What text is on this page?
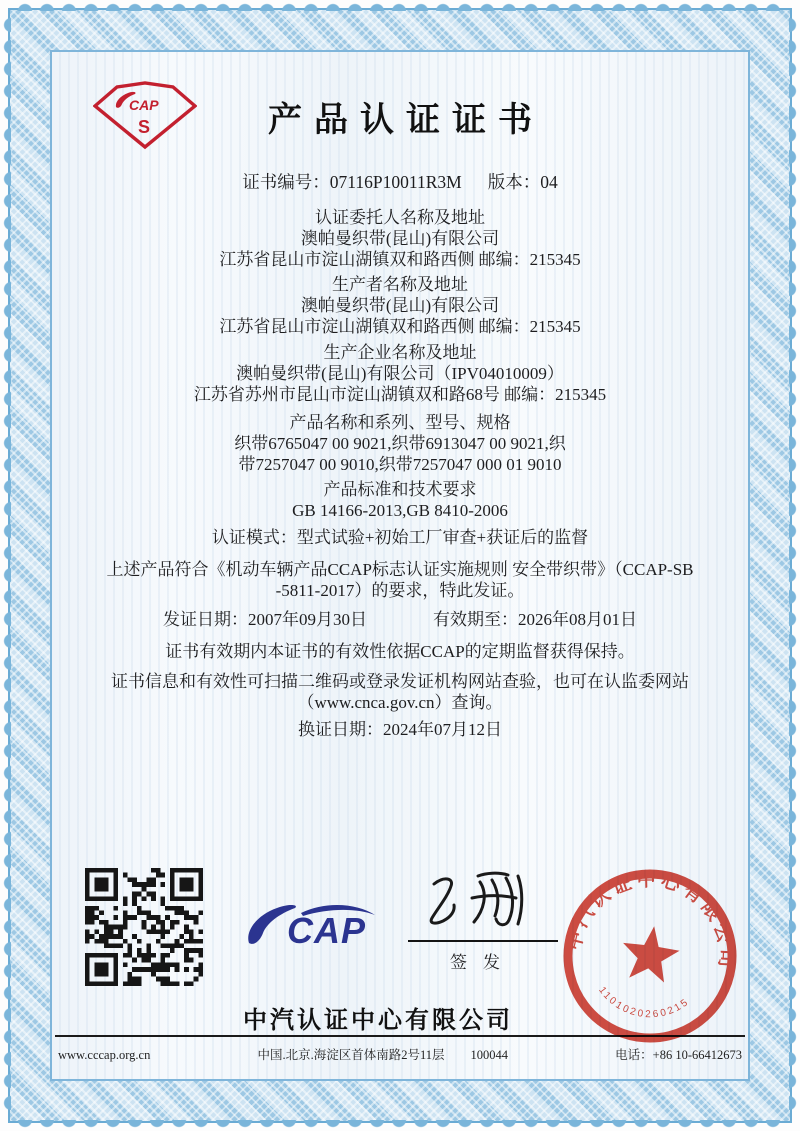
CAP
S	产品认证证书
证书编号：07116P10011R3M 版本：04
认证委托人名称及地址
澳帕曼织带(昆山)有限公司
江苏省昆山市淀山湖镇双和路西侧 邮编：215345
生产者名称及地址
澳帕曼织带(昆山)有限公司
江苏省昆山市淀山湖镇双和路西侧 邮编：215345
生产企业名称及地址
澳帕曼织带(昆山)有限公司（IPV04010009）
江苏省苏州市昆山市淀山湖镇双和路68号 邮编：215345
产品名称和系列、型号、规格
织带6765047 00 9021,织带6913047 00 9021,织
带7257047 00 9010,织带7257047 000 01 9010
产品标准和技术要求
GB 14166-2013,GB 8410-2006
认证模式：型式试验+初始工厂审查+获证后的监督
上述产品符合《机动车辆产品CCAP标志认证实施规则 安全带织带》（CCAP-SB
-5811-2017）的要求，特此发证。
发证日期：2007年09月30日	有效期至：2026年08月01日
证书有效期内本证书的有效性依据CCAP的定期监督获得保持。
证书信息和有效性可扫描二维码或登录发证机构网站查验，也可在认监委网站
（www.cnca.gov.cn）查询。
换证日期：2024年07月12日
CAP
签发
中汽认证中心有限公司
1101020260215
中汽认证中心有限公司
www.cccap.org.cn	中国.北京.海淀区首体南路2号11层 100044	电话：+86 10-66412673
